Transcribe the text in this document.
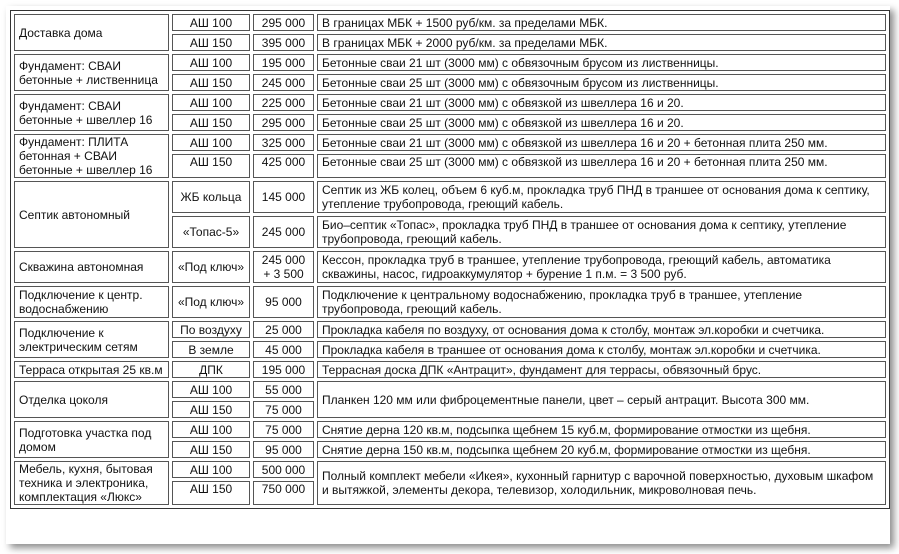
Доставка дома	АШ 100	295 000	В границах МБК + 1500 руб/км. за пределами МБК.
	АШ 150	395 000	В границах МБК + 2000 руб/км. за пределами МБК.
Фундамент: СВАИ бетонные + лиственница	АШ 100	195 000	Бетонные сваи 21 шт (3000 мм) с обвязочным брусом из лиственницы.
	АШ 150	245 000	Бетонные сваи 25 шт (3000 мм) с обвязочным брусом из лиственницы.
Фундамент: СВАИ бетонные + швеллер 16	АШ 100	225 000	Бетонные сваи 21 шт (3000 мм) с обвязкой из швеллера 16 и 20.
	АШ 150	295 000	Бетонные сваи 25 шт (3000 мм) с обвязкой из швеллера 16 и 20.
Фундамент: ПЛИТА бетонная + СВАИ бетонные + швеллер 16	АШ 100	325 000	Бетонные сваи 21 шт (3000 мм) с обвязкой из швеллера 16 и 20 + бетонная плита 250 мм.
	АШ 150	425 000	Бетонные сваи 25 шт (3000 мм) с обвязкой из швеллера 16 и 20 + бетонная плита 250 мм.
Септик автономный	ЖБ кольца	145 000	Септик из ЖБ колец, объем 6 куб.м, прокладка труб ПНД в траншее от основания дома к септику, утепление трубопровода, греющий кабель.
	«Топас-5»	245 000	Био–септик «Топас», прокладка труб ПНД в траншее от основания дома к септику, утепление трубопровода, греющий кабель.
Скважина автономная	«Под ключ»	245 000 + 3 500	Кессон, прокладка труб в траншее, утепление трубопровода, греющий кабель, автоматика скважины, насос, гидроаккумулятор + бурение 1 п.м. = 3 500 руб.
Подключение к центр. водоснабжению	«Под ключ»	95 000	Подключение к центральному водоснабжению, прокладка труб в траншее, утепление трубопровода, греющий кабель.
Подключение к электрическим сетям	По воздуху	25 000	Прокладка кабеля по воздуху, от основания дома к столбу, монтаж эл.коробки и счетчика.
	В земле	45 000	Прокладка кабеля в траншее от основания дома к столбу, монтаж эл.коробки и счетчика.
Терраса открытая 25 кв.м	ДПК	195 000	Террасная доска ДПК «Антрацит», фундамент для террасы, обвязочный брус.
Отделка цоколя	АШ 100	55 000	Планкен 120 мм или фиброцементные панели, цвет – серый антрацит. Высота 300 мм.
	АШ 150	75 000	
Подготовка участка под домом	АШ 100	75 000	Снятие дерна 120 кв.м, подсыпка щебнем 15 куб.м, формирование отмостки из щебня.
	АШ 150	95 000	Снятие дерна 150 кв.м, подсыпка щебнем 20 куб.м, формирование отмостки из щебня.
Мебель, кухня, бытовая техника и электроника, комплектация «Люкс»	АШ 100	500 000	Полный комплект мебели «Икея», кухонный гарнитур с варочной поверхностью, духовым шкафом и вытяжкой, элементы декора, телевизор, холодильник, микроволновая печь.
	АШ 150	750 000	
